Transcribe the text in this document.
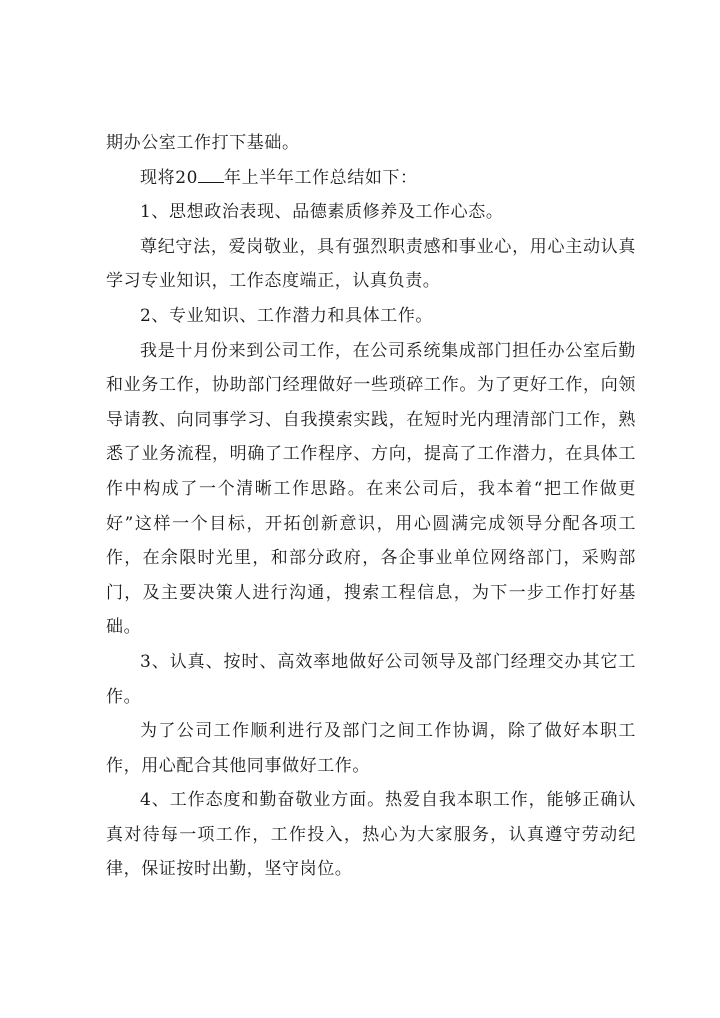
期办公室工作打下基础。

现将20 年上半年工作总结如下：

1、思想政治表现、品德素质修养及工作心态。

尊纪守法，爱岗敬业，具有强烈职责感和事业心，用心主动认真学习专业知识，工作态度端正，认真负责。

2、专业知识、工作潜力和具体工作。

我是十月份来到公司工作，在公司系统集成部门担任办公室后勤和业务工作，协助部门经理做好一些琐碎工作。为了更好工作，向领导请教、向同事学习、自我摸索实践，在短时光内理清部门工作，熟悉了业务流程，明确了工作程序、方向，提高了工作潜力，在具体工作中构成了一个清晰工作思路。在来公司后，我本着“把工作做更好”这样一个目标，开拓创新意识，用心圆满完成领导分配各项工作，在余限时光里，和部分政府，各企事业单位网络部门，采购部门，及主要决策人进行沟通，搜索工程信息，为下一步工作打好基础。

3、认真、按时、高效率地做好公司领导及部门经理交办其它工作。

为了公司工作顺利进行及部门之间工作协调，除了做好本职工作，用心配合其他同事做好工作。

4、工作态度和勤奋敬业方面。热爱自我本职工作，能够正确认真对待每一项工作，工作投入，热心为大家服务，认真遵守劳动纪律，保证按时出勤，坚守岗位。
